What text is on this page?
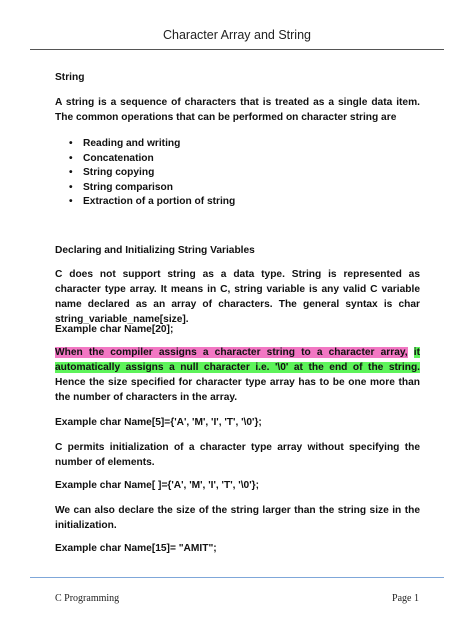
Character Array and String
String
A string is a sequence of characters that is treated as a single data item. The common operations that can be performed on character string are
• Reading and writing
• Concatenation
• String copying
• String comparison
• Extraction of a portion of string
Declaring and Initializing String Variables
C does not support string as a data type. String is represented as character type array. It means in C, string variable is any valid C variable name declared as an array of characters. The general syntax is char string_variable_name[size].
Example char Name[20];
When the compiler assigns a character string to a character array, it automatically assigns a null character i.e. '\0' at the end of the string. Hence the size specified for character type array has to be one more than the number of characters in the array.
Example char Name[5]={'A', 'M', 'I', 'T', '\0'};
C permits initialization of a character type array without specifying the number of elements.
Example char Name[ ]={'A', 'M', 'I', 'T', '\0'};
We can also declare the size of the string larger than the string size in the initialization.
Example char Name[15]= "AMIT";
C Programming	Page 1
